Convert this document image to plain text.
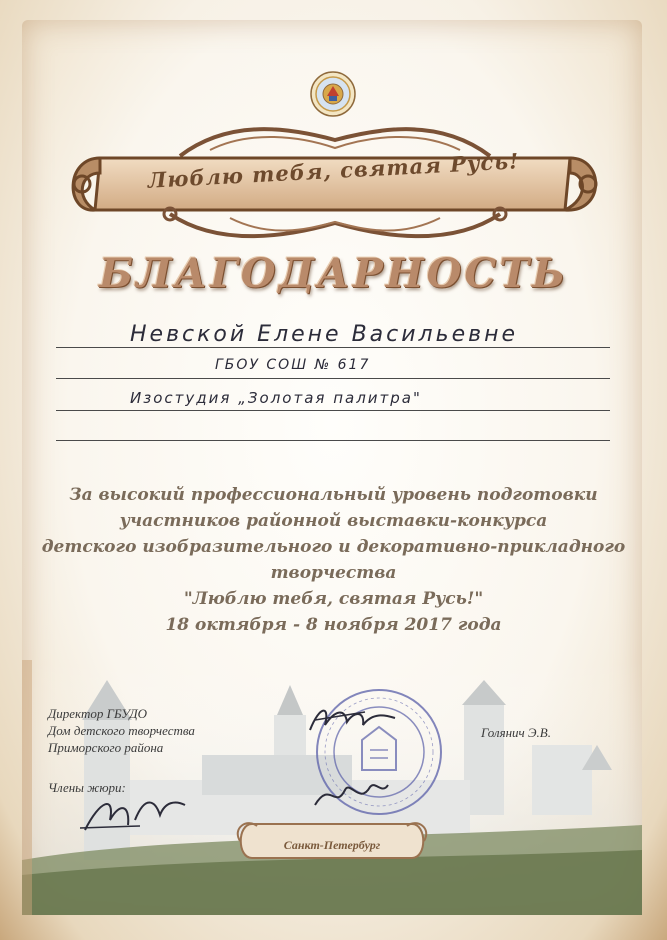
Люблю тебя, святая Русь!
БЛАГОДАРНОСТЬ
Невской Елене Васильевне
ГБОУ СОШ № 617
Изостудия „Золотая палитра"
За высокий профессиональный уровень подготовки
участников районной выставки-конкурса
детского изобразительного и декоративно-прикладного
творчества
"Люблю тебя, святая Русь!"
18 октября - 8 ноября 2017 года
Санкт-Петербург
Директор ГБУДО
Дом детского творчества
Приморского района
Члены жюри:
Голянич Э.В.
